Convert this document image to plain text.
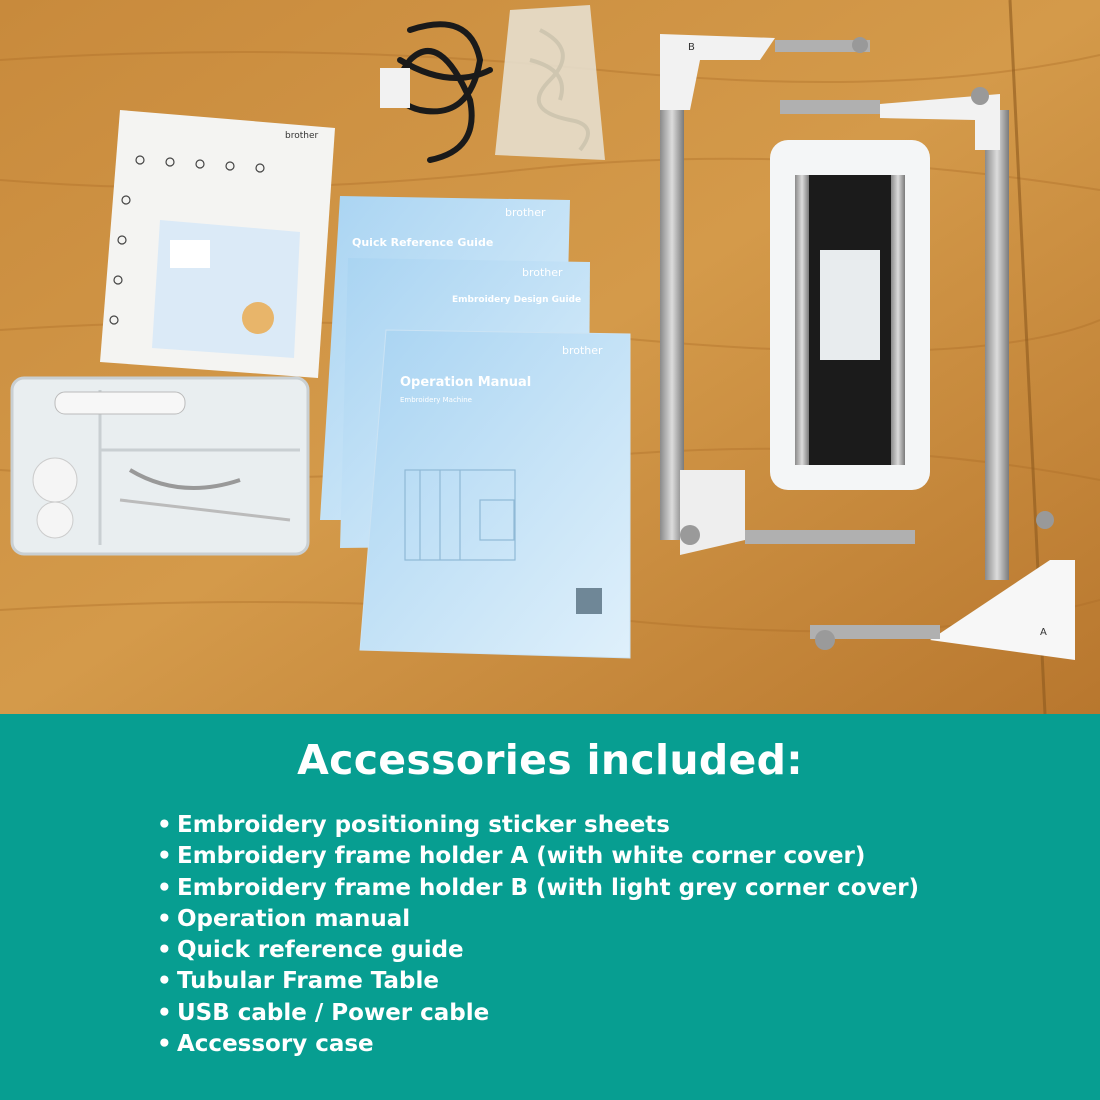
brother
Quick Reference Guide
brother
Embroidery Design Guide
brother
Operation Manual
Embroidery Machine
brother
B
A
Accessories included:
• Embroidery positioning sticker sheets
• Embroidery frame holder A (with white corner cover)
• Embroidery frame holder B (with light grey corner cover)
• Operation manual
• Quick reference guide
• Tubular Frame Table
• USB cable / Power cable
• Accessory case
